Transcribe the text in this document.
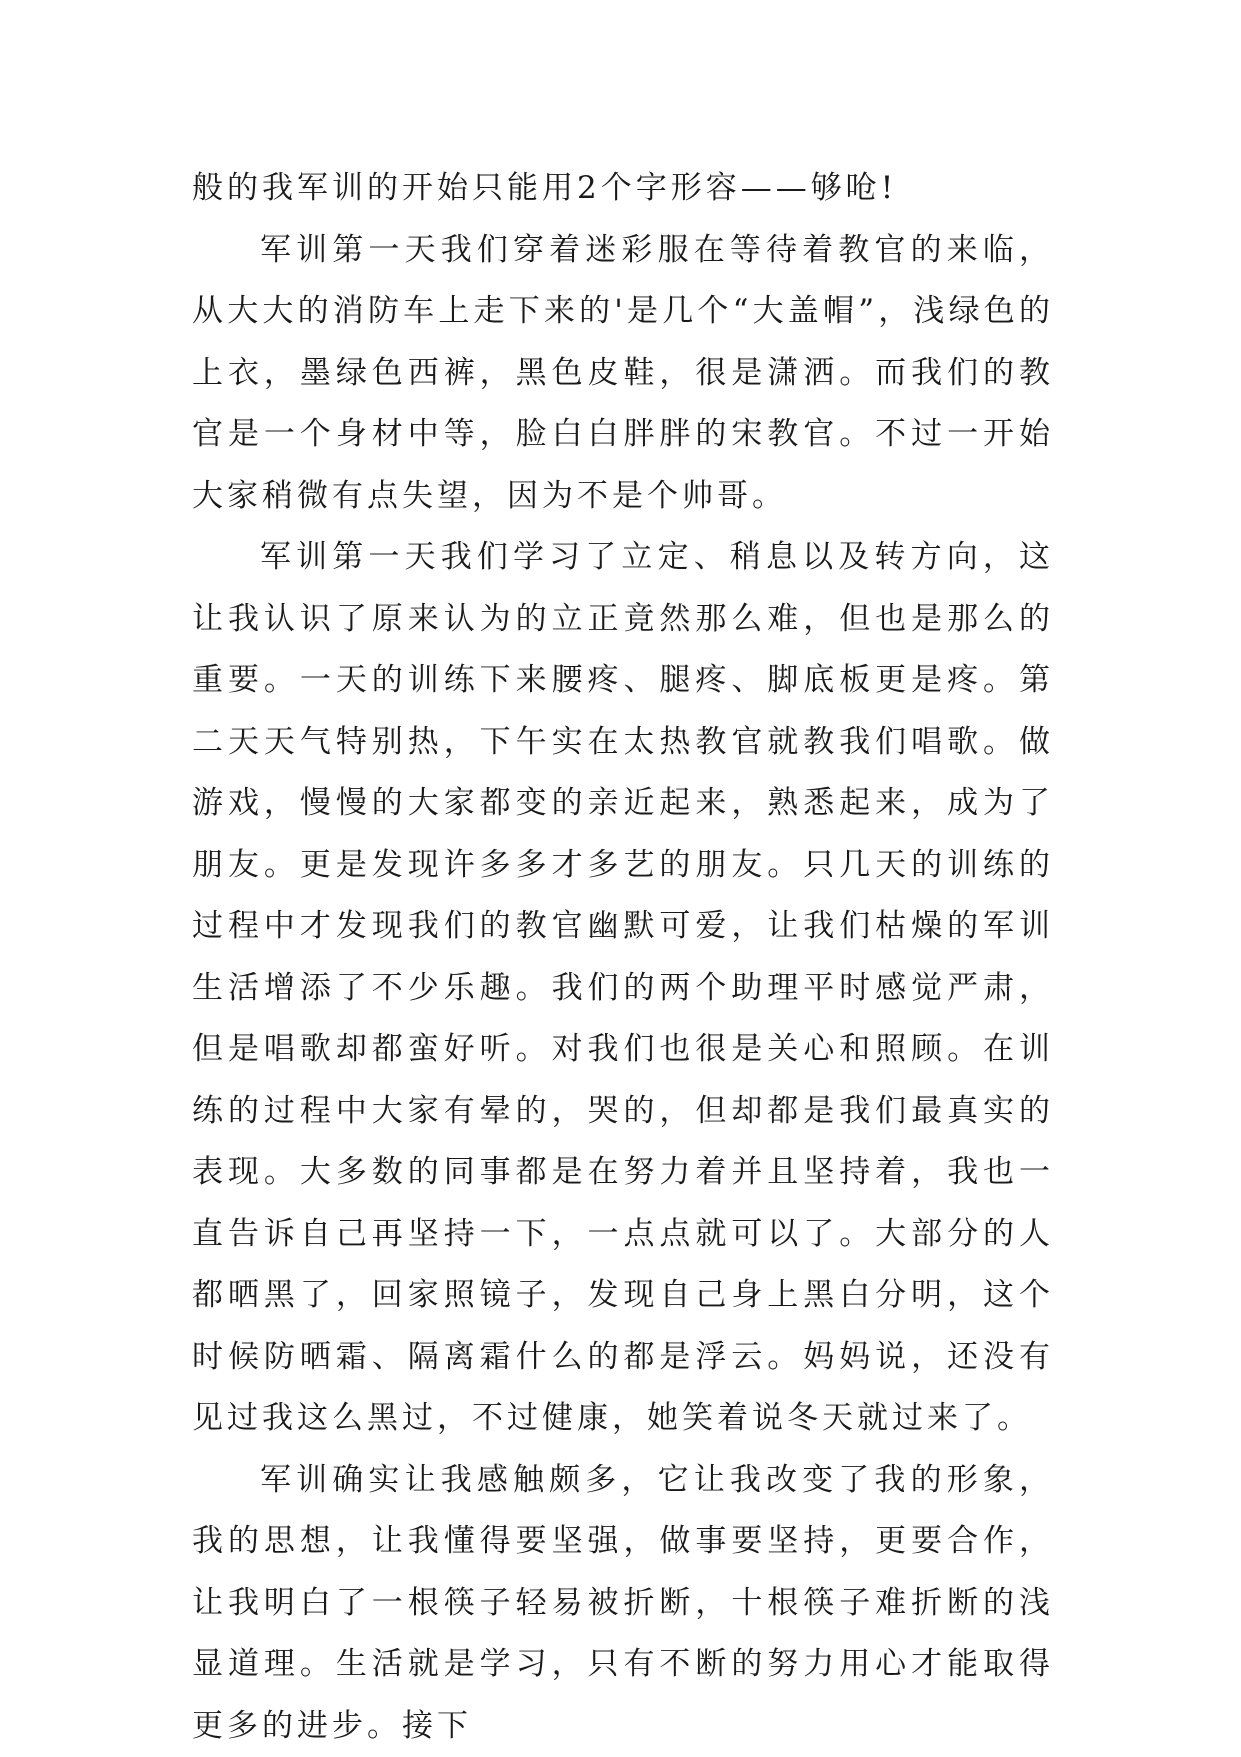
般的我军训的开始只能用2个字形容——够呛!

军训第一天我们穿着迷彩服在等待着教官的来临，从大大的消防车上走下来的'是几个“大盖帽”，浅绿色的上衣，墨绿色西裤，黑色皮鞋，很是潇洒。而我们的教官是一个身材中等，脸白白胖胖的宋教官。不过一开始大家稍微有点失望，因为不是个帅哥。

军训第一天我们学习了立定、稍息以及转方向，这让我认识了原来认为的立正竟然那么难，但也是那么的重要。一天的训练下来腰疼、腿疼、脚底板更是疼。第二天天气特别热，下午实在太热教官就教我们唱歌。做游戏，慢慢的大家都变的亲近起来，熟悉起来，成为了朋友。更是发现许多多才多艺的朋友。只几天的训练的过程中才发现我们的教官幽默可爱，让我们枯燥的军训生活增添了不少乐趣。我们的两个助理平时感觉严肃，但是唱歌却都蛮好听。对我们也很是关心和照顾。在训练的过程中大家有晕的，哭的，但却都是我们最真实的表现。大多数的同事都是在努力着并且坚持着，我也一直告诉自己再坚持一下，一点点就可以了。大部分的人都晒黑了，回家照镜子，发现自己身上黑白分明，这个时候防晒霜、隔离霜什么的都是浮云。妈妈说，还没有见过我这么黑过，不过健康，她笑着说冬天就过来了。

军训确实让我感触颇多，它让我改变了我的形象，我的思想，让我懂得要坚强，做事要坚持，更要合作，让我明白了一根筷子轻易被折断，十根筷子难折断的浅显道理。生活就是学习，只有不断的努力用心才能取得更多的进步。接下
